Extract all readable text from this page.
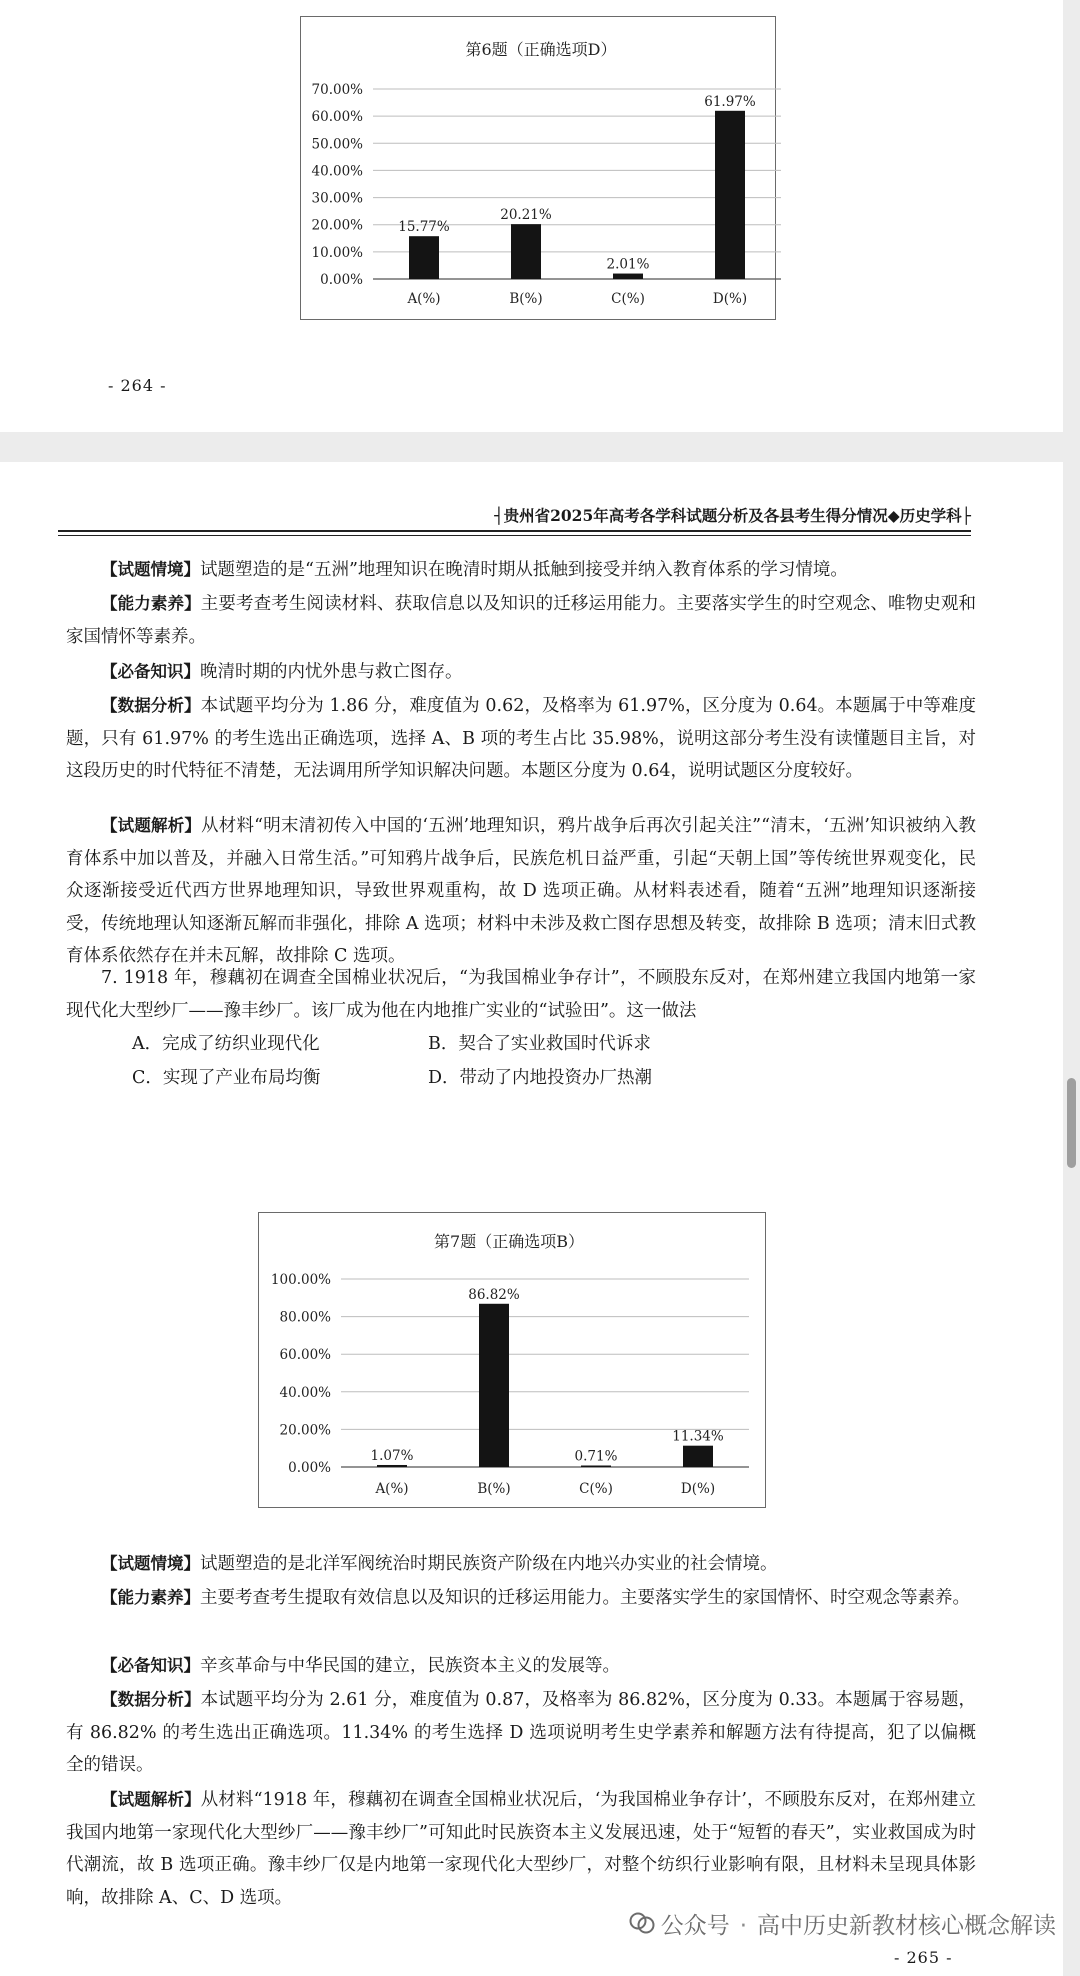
第6题（正确选项D）
0.00%
10.00%
20.00%
30.00%
40.00%
50.00%
60.00%
70.00%
15.77%
A(%)
20.21%
B(%)
2.01%
C(%)
61.97%
D(%)
- 264 -
┤贵州省2025年高考各学科试题分析及各县考生得分情况◆历史学科├
【试题情境】试题塑造的是“五洲”地理知识在晚清时期从抵触到接受并纳入教育体系的学习情境。
【能力素养】主要考查考生阅读材料、获取信息以及知识的迁移运用能力。主要落实学生的时空观念、唯物史观和家国情怀等素养。
【必备知识】晚清时期的内忧外患与救亡图存。
【数据分析】本试题平均分为 1.86 分，难度值为 0.62，及格率为 61.97%，区分度为 0.64。本题属于中等难度题，只有 61.97% 的考生选出正确选项，选择 A、B 项的考生占比 35.98%，说明这部分考生没有读懂题目主旨，对这段历史的时代特征不清楚，无法调用所学知识解决问题。本题区分度为 0.64，说明试题区分度较好。
【试题解析】从材料“明末清初传入中国的‘五洲’地理知识，鸦片战争后再次引起关注”“清末，‘五洲’知识被纳入教育体系中加以普及，并融入日常生活。”可知鸦片战争后，民族危机日益严重，引起“天朝上国”等传统世界观变化，民众逐渐接受近代西方世界地理知识，导致世界观重构，故 D 选项正确。从材料表述看，随着“五洲”地理知识逐渐接受，传统地理认知逐渐瓦解而非强化，排除 A 选项；材料中未涉及救亡图存思想及转变，故排除 B 选项；清末旧式教育体系依然存在并未瓦解，故排除 C 选项。
7. 1918 年，穆藕初在调查全国棉业状况后，“为我国棉业争存计”，不顾股东反对，在郑州建立我国内地第一家现代化大型纱厂——豫丰纱厂。该厂成为他在内地推广实业的“试验田”。这一做法
A．完成了纺织业现代化	B．契合了实业救国时代诉求
C．实现了产业布局均衡	D．带动了内地投资办厂热潮
第7题（正确选项B）
0.00%
20.00%
40.00%
60.00%
80.00%
100.00%
1.07%
A(%)
86.82%
B(%)
0.71%
C(%)
11.34%
D(%)
【试题情境】试题塑造的是北洋军阀统治时期民族资产阶级在内地兴办实业的社会情境。
【能力素养】主要考查考生提取有效信息以及知识的迁移运用能力。主要落实学生的家国情怀、时空观念等素养。
【必备知识】辛亥革命与中华民国的建立，民族资本主义的发展等。
【数据分析】本试题平均分为 2.61 分，难度值为 0.87，及格率为 86.82%，区分度为 0.33。本题属于容易题，有 86.82% 的考生选出正确选项。11.34% 的考生选择 D 选项说明考生史学素养和解题方法有待提高，犯了以偏概全的错误。
【试题解析】从材料“1918 年，穆藕初在调查全国棉业状况后，‘为我国棉业争存计’，不顾股东反对，在郑州建立我国内地第一家现代化大型纱厂——豫丰纱厂”可知此时民族资本主义发展迅速，处于“短暂的春天”，实业救国成为时代潮流，故 B 选项正确。豫丰纱厂仅是内地第一家现代化大型纱厂，对整个纺织行业影响有限，且材料未呈现具体影响，故排除 A、C、D 选项。
- 265 -
公众号 · 高中历史新教材核心概念解读
